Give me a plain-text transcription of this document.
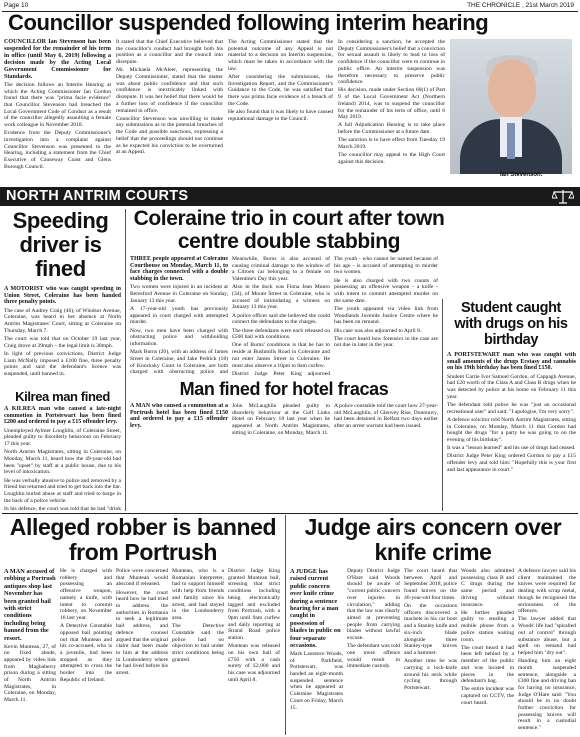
Page 10	THE CHRONICLE , 21st March 2019
Councillor suspended following interim hearing

COUNCILLOR Ian Stevenson has been suspended for the remainder of his term in office (until May 6, 2019) following a decision made by the Acting Local Government Commissioner for Standards.

The decision follows an Interim Hearing at which the Acting Commissioner Ian Gordon found that there was "prima facie evidence" that Councillor Stevenson had breached the Local Government Code of Conduct as a result of the councillor allegedly assaulting a female work colleague in November 2018.

Evidence from the Deputy Commissioner's investigation into a complaint against Councillor Stevenson was presented to the Hearing, including a statement from the Chief Executive of Causeway Coast and Glens Borough Council.

It stated that the Chief Executive believed that the councillor's conduct had brought both his position as a councillor and the council into disrepute.

Mr. Michaela McAleer, representing the Deputy Commissioner, stated that the matter was about public confidence and that such confidence is inextricably linked with disrepute. It was her belief that there would be a further loss of confidence if the councillor remained in office.

Councillor Stevenson was unwilling to make any submissions as to the potential breaches of the Code and possible sanctions, expressing a belief that the proceedings should not continue as he expected his conviction to be overturned at an Appeal.

The Acting Commissioner stated that the potential outcome of any Appeal is not material to a decision on Interim suspension, which must be taken in accordance with the law.

After considering the submissions, the Investigation Report, and the Commissioner's Guidance to the Code, he was satisfied that there was prima facie evidence of a breach of the Code.

He also found that it was likely to have caused reputational damage to the Council.

In considering a sanction, he accepted the Deputy Commissioner's belief that a conviction for sexual assault is likely to lead to loss of confidence if the councillor were to continue in public office. An interim suspension was therefore necessary to preserve public confidence.

His decision, made under Section 60(1) of Part 9 of the Local Government Act (Northern Ireland) 2014, was to suspend the councillor for the remainder of his term of office, until 6 May 2019.

A full Adjudication Hearing is to take place before the Commissioner at a future date.

The sanction is to have effect from Tuesday 19 March 2019.

The councillor may appeal to the High Court against this decision.

Ian Stevenson.
NORTH ANTRIM COURTS
Speeding driver is fined

A MOTORIST who was caught speeding in Union Street, Coleraine has been handed three penalty points.

The case of Audrey Craig (46), of Windsor Avenue, Coleraine, was heard in her absence at North Antrim Magistrates' Court, sitting at Coleraine on Thursday, March 7.

The court was told that on October 19 last year, Craig drove at 39mph – the legal limit is 30mph.

In light of previous convictions, District Judge Liam McNally imposed a £100 fine, three penalty points and said the defendant's licence was suspended, until banned in.

Kilrea man fined

A KILREA man who caused a late-night commotion in Portstewart has been fined £200 and ordered to pay a £15 offender levy.

Unemployed Aylmer Loughlin, of Coleraine Street, pleaded guilty to disorderly behaviour on February 17 this year.

North Antrim Magistrates, sitting in Coleraine, on Monday, March 11, heard how the 49-year-old had been "upset" by staff at a public house, due to his level of intoxication.

He was verbally abusive to police and removed by a friend but returned and tried to get back into the bar. Loughlin hurled abuse at staff and tried to barge in the back of a police vehicle.

In his defence, the court was told that he had "drink

Coleraine trio in court after town centre double stabbing

THREE people appeared at Coleraine Courthouse on Monday, March 11, to face charges connected with a double stabbing in the town.

Two women were injured in an incident at Beresford Avenue in Coleraine on Sunday, January 13 this year.

A 17-year-old youth has previously appeared in court charged with attempted murder.

Now, two men have been charged with obstructing police and withholding information.

Mark Burns (20), with an address of James Street in Coleraine, and Jake Pedrick (18) of Knocksky Court in Coleraine, are both charged with obstructing police and

Meanwhile, Burns is also accused of causing criminal damage to the window of a Citroen car belonging to a female on Valentine's Day this year.

Also in the dock was Fiona Jean Munro (34), of Mount Street in Coleraine, who is accused of intimidating a witness on January 13 this year.

A police officer said she believed she could connect the defendants to the charges.

The three defendants were each released on £500 bail with conditions.

One of Burns' conditions is that he has to reside at Bushmills Road in Coleraine and not enter James Street in Coleraine. He must also observe a 10pm to 8am curfew.

District Judge Peter King adjourned

The youth - who cannot be named because of his age - is accused of attempting to murder two women.

He is also charged with two counts of possessing an offensive weapon - a knife - with intent to commit attempted murder on the same date.

The youth appeared via video link from Woodlands Juvenile Justice Centre where he has been on remand.

His case was also adjourned to April 8.

The court heard how forensics in the case are not due in later in the year.

Man fined for hotel fracas

A MAN who caused a commotion at a Portrush hotel has been fined £150 and ordered to pay a £15 offender levy.

John McLaughlin pleaded guilty to disorderly behaviour at the Golf Links Hotel on February 18 last year when he appeared at North Antrim Magistrates, sitting in Coleraine, on Monday, March 11.

A police constable told the court how 27-year-old McLaughlin, of Glenvey Rise, Dunmurry, had been detained in Belfast two days earlier after an arrest warrant had been issued.

Student caught with drugs on his birthday

A PORTSTEWART man who was caught with small amounts of the drugs Ecstasy and cannabis on his 19th birthday has been fined £150.

Student Carrie Ivor Samuel Gordon, of Cappagh Avenue, had £20 worth of the Class A and Class B drugs when he was detected by police at his home on February 11 this year.

The defendant told police he was "just an occasional recreational user" and said: "I apologise, I'm very sorry".

A defence solicitor told North Antrim Magistrates, sitting in Coleraine, on Monday, March 11 that Gordon had bought the drugs "for a party he was going to on the evening of his birthday".

It was a "lesson learned" and his use of drugs had ceased.

District Judge Peter King ordered Gordon to pay a £15 offender levy and told him: "Hopefully this is your first and last appearance in court."

Alleged robber is banned from Portrush

A MAN accused of robbing a Portrush antiques shop last November has been granted bail with strict conditions including being banned from the resort.

Kevin Muntean, 27, of no fixed abode, appeared by video link from Maghaberry prison during a sitting of North Antrim Magistrates, in Coleraine, on Monday, March 11.

He is charged with robbery and possessing an offensive weapon, namely a knife, with intent to commit robbery, on November 16 last year.

A Detective Constable opposed bail pointing out that Muntean and his co-accused, who is a juvenile, had been stopped as they attempted to cross the border into the Republic of Ireland.

Police were concerned that Muntean would abscond if released.

However, the court heard how he had tried to address the authorities in Romania to seek a legitimate bail address, and defence counsel argued that the original claim had been made to him at the address in Londonderry where he had lived before his arrest.

Muntean, who is a Romanian interpreter, had to support himself with help from friends and family since his arrest, and had stayed in the Londonderry area.

The Detective Constable said the police had no objection to bail under strict conditions being granted.

District Judge King granted Muntean bail, stressing that strict conditions including being electronically tagged and excluded from Portrush, with a 9pm until 9am curfew and daily reporting at Strand Road police station.

Muntean was released on his own bail of £750 with a cash surety of £2,000 and his case was adjourned until April 8.

Judge airs concern over knife crime

A JUDGE has raised current public concern over knife crime during a sentence hearing for a man caught in possession of blades in public on four separate occasions.

Mark Laurence Woods, of Parkfield, Portstewart, was handed an eight-month suspended sentence when he appeared at Coleraine Magistrates Court on Friday, March 15.

Deputy District Judge O'Hare said Woods should be aware of "current public concern over injuries in circulation," adding that the law was clearly aimed at preventing people from carrying blades without lawful excuse.

The defendant was told one more offence would result in immediate custody.

The court heard that between April and September 2018, police found knives on the 46-year-old four times.

On the occasions officers discovered a machete in his car boot and a Stanley knife and six-inch blade alongside three Stanley-type knives and a hammer.

Another time he was carrying a lock-knife around his neck while cycling through Portstewart.

Woods also admitted possessing class B and C drugs during the same period and driving without insurance.

He further pleaded guilty to stealing a mobile phone from a police station waiting room.

The court heard it had been left behind by a member of the public and was located in pieces in the defendant's bag.

The entire incident was captured on CCTV, the court heard.

A defence lawyer said his client maintained the knives were required for dealing with scrap metal, though he recognised the seriousness of the offences.

The lawyer added that Woods' life had "spiralled out of control" through substance abuse, but a spell on remand had helped him "dry out".

Handing him an eight month suspended sentence, alongside a £300 fine and driving ban for having no insurance, Judge O'Hare said: "You should be in no doubt further conviction for possessing knives will result in a custodial sentence."
